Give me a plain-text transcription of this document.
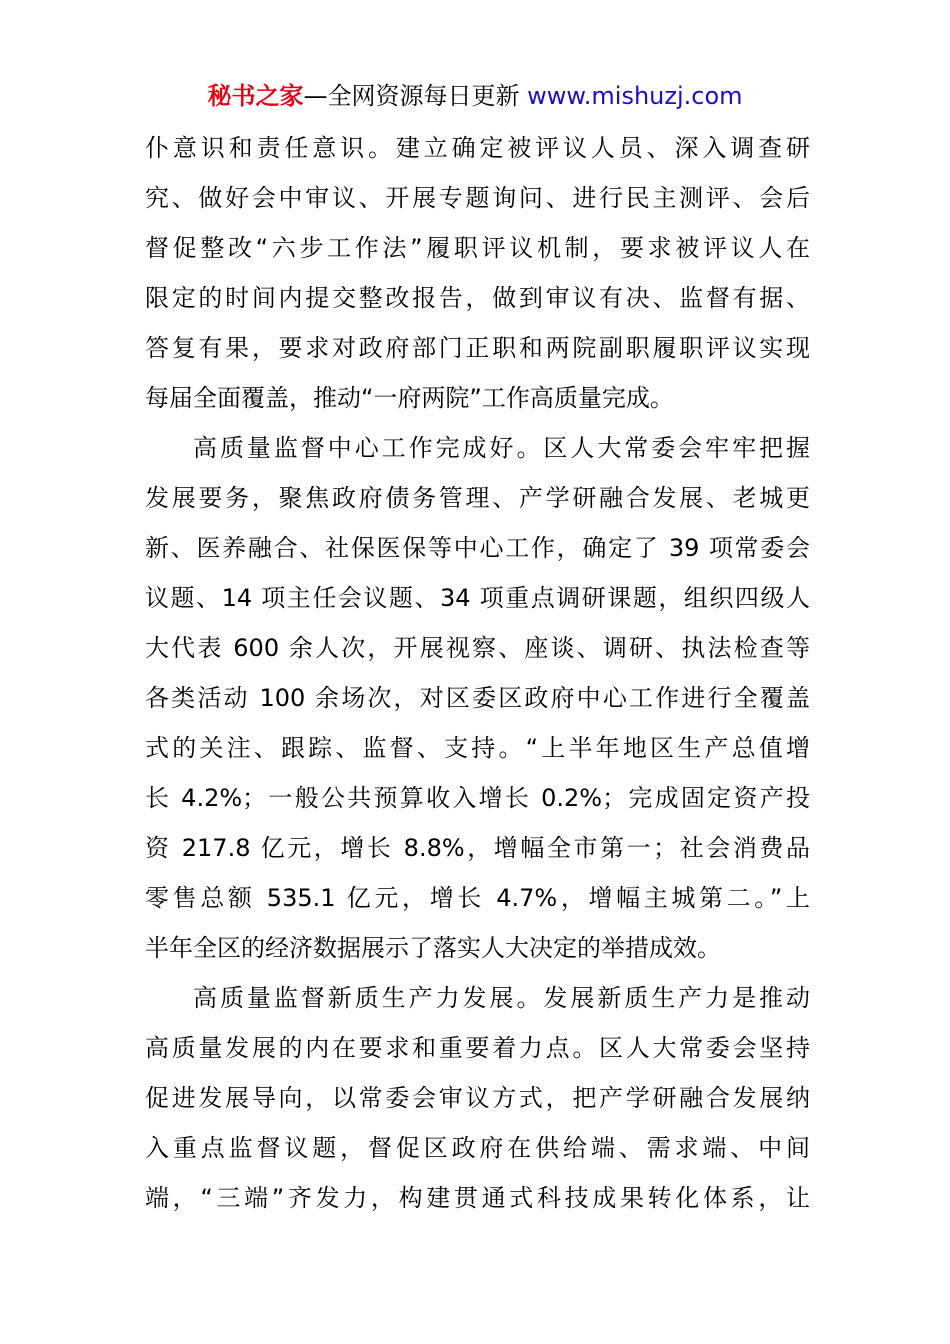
秘书之家—全网资源每日更新 www.mishuzj.com
仆意识和责任意识。建立确定被评议人员、深入调查研
究、做好会中审议、开展专题询问、进行民主测评、会后
督促整改“六步工作法”履职评议机制，要求被评议人在
限定的时间内提交整改报告，做到审议有决、监督有据、
答复有果，要求对政府部门正职和两院副职履职评议实现
每届全面覆盖，推动“一府两院”工作高质量完成。
高质量监督中心工作完成好。区人大常委会牢牢把握
发展要务，聚焦政府债务管理、产学研融合发展、老城更
新、医养融合、社保医保等中心工作，确定了 39 项常委会
议题、14 项主任会议题、34 项重点调研课题，组织四级人
大代表 600 余人次，开展视察、座谈、调研、执法检查等
各类活动 100 余场次，对区委区政府中心工作进行全覆盖
式的关注、跟踪、监督、支持。“上半年地区生产总值增
长 4.2%；一般公共预算收入增长 0.2%；完成固定资产投
资 217.8 亿元，增长 8.8%，增幅全市第一；社会消费品
零售总额 535.1 亿元，增长 4.7%，增幅主城第二。”上
半年全区的经济数据展示了落实人大决定的举措成效。
高质量监督新质生产力发展。发展新质生产力是推动
高质量发展的内在要求和重要着力点。区人大常委会坚持
促进发展导向，以常委会审议方式，把产学研融合发展纳
入重点监督议题，督促区政府在供给端、需求端、中间
端，“三端”齐发力，构建贯通式科技成果转化体系，让
